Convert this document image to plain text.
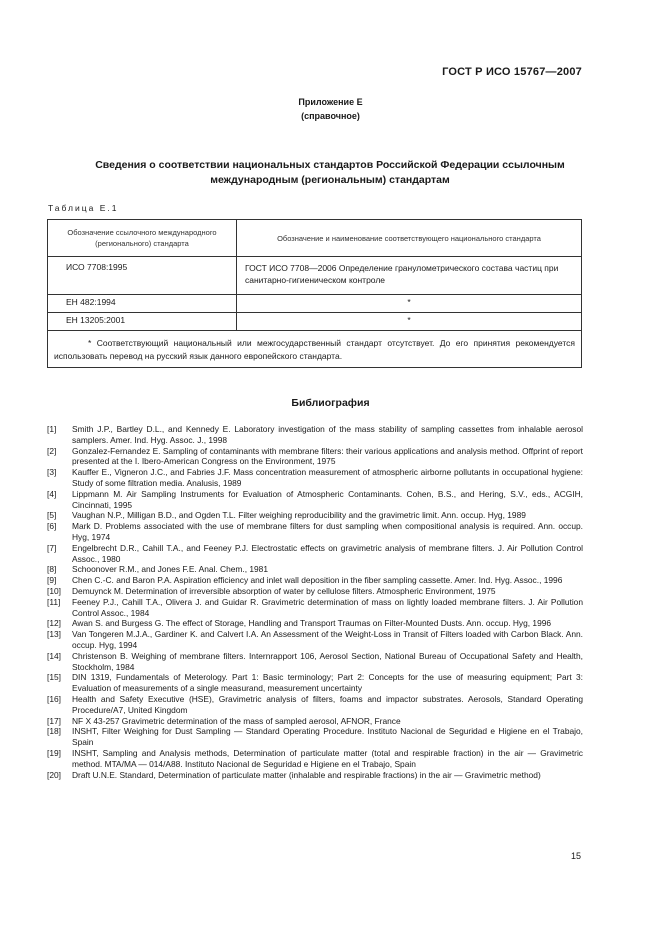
ГОСТ Р ИСО 15767—2007
Приложение Е
(справочное)
Сведения о соответствии национальных стандартов Российской Федерации ссылочным
международным (региональным) стандартам
Таблица Е.1
Обозначение ссылочного международного (регионального) стандарта	Обозначение и наименование соответствующего национального стандарта
ИСО 7708:1995	ГОСТ ИСО 7708—2006 Определение гранулометрического состава частиц при санитарно-гигиеническом контроле
ЕН 482:1994	*
ЕН 13205:2001	*
* Соответствующий национальный или межгосударственный стандарт отсутствует. До его принятия рекомендуется использовать перевод на русский язык данного европейского стандарта.	
Библиография
[1] Smith J.P., Bartley D.L., and Kennedy E. Laboratory investigation of the mass stability of sampling cassettes from inhalable aerosol samplers. Amer. Ind. Hyg. Assoc. J., 1998
[2] Gonzalez-Fernandez E. Sampling of contaminants with membrane filters: their various applications and analysis method. Offprint of report presented at the I. Ibero-American Congress on the Environment, 1975
[3] Kauffer E., Vigneron J.C., and Fabries J.F. Mass concentration measurement of atmospheric airborne pollutants in occupational hygiene: Study of some filtration media. Analusis, 1989
[4] Lippmann M. Air Sampling Instruments for Evaluation of Atmospheric Contaminants. Cohen, B.S., and Hering, S.V., eds., ACGIH, Cincinnati, 1995
[5] Vaughan N.P., Milligan B.D., and Ogden T.L. Filter weighing reproducibility and the gravimetric limit. Ann. occup. Hyg, 1989
[6] Mark D. Problems associated with the use of membrane filters for dust sampling when compositional analysis is required. Ann. occup. Hyg, 1974
[7] Engelbrecht D.R., Cahill T.A., and Feeney P.J. Electrostatic effects on gravimetric analysis of membrane filters. J. Air Pollution Control Assoc., 1980
[8] Schoonover R.M., and Jones F.E. Anal. Chem., 1981
[9] Chen C.-C. and Baron P.A. Aspiration efficiency and inlet wall deposition in the fiber sampling cassette. Amer. Ind. Hyg. Assoc., 1996
[10] Demuynck M. Determination of irreversible absorption of water by cellulose filters. Atmospheric Environment, 1975
[11] Feeney P.J., Cahill T.A., Olivera J. and Guidar R. Gravimetric determination of mass on lightly loaded membrane filters. J. Air Pollution Control Assoc., 1984
[12] Awan S. and Burgess G. The effect of Storage, Handling and Transport Traumas on Filter-Mounted Dusts. Ann. occup. Hyg, 1996
[13] Van Tongeren M.J.A., Gardiner K. and Calvert I.A. An Assessment of the Weight-Loss in Transit of Filters loaded with Carbon Black. Ann. occup. Hyg, 1994
[14] Christenson B. Weighing of membrane filters. Internrapport 106, Aerosol Section, National Bureau of Occupational Safety and Health, Stockholm, 1984
[15] DIN 1319, Fundamentals of Meterology. Part 1: Basic terminology; Part 2: Concepts for the use of measuring equipment; Part 3: Evaluation of measurements of a single measurand, measurement uncertainty
[16] Health and Safety Executive (HSE), Gravimetric analysis of filters, foams and impactor substrates. Aerosols, Standard Operating Procedure/A7, United Kingdom
[17] NF X 43-257 Gravimetric determination of the mass of sampled aerosol, AFNOR, France
[18] INSHT, Filter Weighing for Dust Sampling — Standard Operating Procedure. Instituto Nacional de Seguridad e Higiene en el Trabajo, Spain
[19] INSHT, Sampling and Analysis methods, Determination of particulate matter (total and respirable fraction) in the air — Gravimetric method. MTA/MA — 014/A88. Instituto Nacional de Seguridad e Higiene en el Trabajo, Spain
[20] Draft U.N.E. Standard, Determination of particulate matter (inhalable and respirable fractions) in the air — Gravimetric method)
15
